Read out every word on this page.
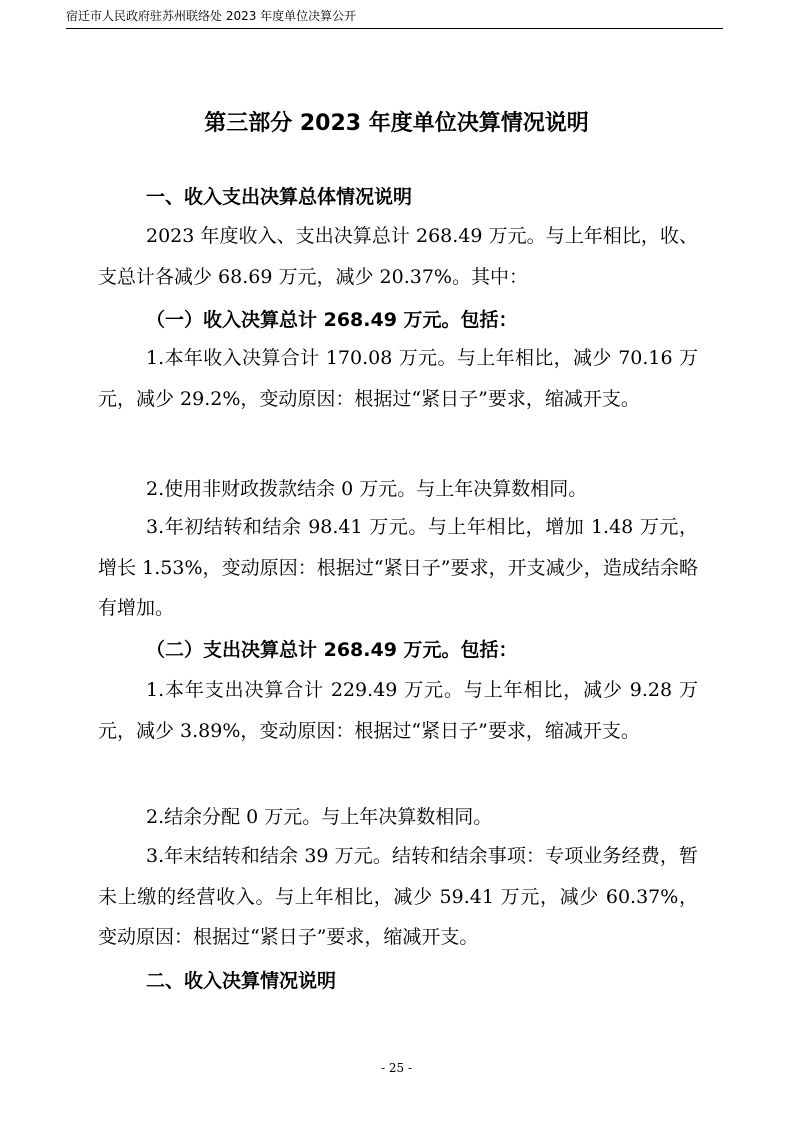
宿迁市人民政府驻苏州联络处 2023 年度单位决算公开
第三部分 2023 年度单位决算情况说明
一、收入支出决算总体情况说明
2023 年度收入、支出决算总计 268.49 万元。与上年相比，收、支总计各减少 68.69 万元，减少 20.37%。其中：
（一）收入决算总计 268.49 万元。包括：
1.本年收入决算合计 170.08 万元。与上年相比，减少 70.16 万元，减少 29.2%，变动原因：根据过“紧日子”要求，缩减开支。
2.使用非财政拨款结余 0 万元。与上年决算数相同。
3.年初结转和结余 98.41 万元。与上年相比，增加 1.48 万元，增长 1.53%，变动原因：根据过“紧日子”要求，开支减少，造成结余略有增加。
（二）支出决算总计 268.49 万元。包括：
1.本年支出决算合计 229.49 万元。与上年相比，减少 9.28 万元，减少 3.89%，变动原因：根据过“紧日子”要求，缩减开支。
2.结余分配 0 万元。与上年决算数相同。
3.年末结转和结余 39 万元。结转和结余事项：专项业务经费，暂未上缴的经营收入。与上年相比，减少 59.41 万元，减少 60.37%，变动原因：根据过“紧日子”要求，缩减开支。
二、收入决算情况说明
- 25 -
